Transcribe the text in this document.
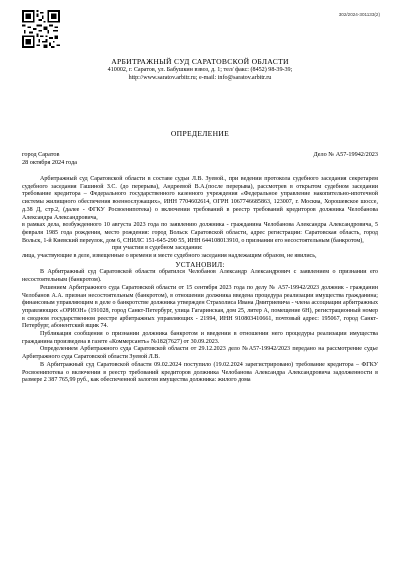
302/2024-301133(2)
АРБИТРАЖНЫЙ СУД САРАТОВСКОЙ ОБЛАСТИ
410002, г. Саратов, ул. Бабушкин взвоз, д. 1; тел/ факс: (8452) 98-39-39;
http://www.saratov.arbitr.ru; e-mail: info@saratov.arbitr.ru
ОПРЕДЕЛЕНИЕ
город Саратов
28 октября 2024 года
Дело № А57-19942/2023

Арбитражный суд Саратовской области в составе судьи Л.В. Зуевой., при ведении протокола судебного заседания секретарем судебного заседания Гашиной З.С. (до перерыва), Андреевой В.А.(после перерыва), рассмотрев в открытом судебном заседании требование кредитора – Федерального государственного казенного учреждения «Федеральное управление накопительно-ипотечной системы жилищного обеспечения военнослужащих», ИНН 7704602614, ОГРН 1067746685863, 123007, г. Москва, Хорошевское шоссе, д.38 Д, стр.2, (далее - ФГКУ Росвоенипотека) о включении требований в реестр требований кредиторов должника Челобанова Александра Александровича,

в рамках дела, возбужденного 10 августа 2023 года по заявлению должника - гражданина Челобанова Александра Александровича, 5 февраля 1985 года рождения, место рождения: город Вольск Саратовской области, адрес регистрации: Саратовская область, город Вольск, 1-й Киевский переулок, дом 6, СНИЛС 151-645-290 55, ИНН 644108013910, о признании его несостоятельным (банкротом),

при участии в судебном заседании:

лица, участвующие в деле, извещенные о времени и месте судебного заседания надлежащим образом, не явились,

УСТАНОВИЛ:

В Арбитражный суд Саратовской области обратился Челобанов Александр Александрович с заявлением о признании его несостоятельным (банкротом).

Решением Арбитражного суда Саратовской области от 15 сентября 2023 года по делу № А57-19942/2023 должник - гражданин Челобанов А.А. признан несостоятельным (банкротом), в отношении должника введена процедура реализации имущества гражданина; финансовым управляющим в деле о банкротстве должника утвержден Страхолиса Ивана Дмитриевича - члена ассоциации арбитражных управляющих «ОРИОН» (191028, город Санкт-Петербург, улица Гагаринская, дом 25, литер А, помещение 6Н), регистрационный номер в сводном государственном реестре арбитражных управляющих - 21994, ИНН 910803410661, почтовый адрес: 195067, город Санкт-Петербург, абонентский ящик 74.

Публикация сообщения о признании должника банкротом и введении в отношении него процедуры реализации имущества гражданина произведена в газете «Коммерсантъ» №182(7627) от 30.09.2023.

Определением Арбитражного суда Саратовской области от 29.12.2023 дело №А57-19942/2023 передано на рассмотрение судье Арбитражного суда Саратовской области Зуевой Л.В.

В Арбитражный суд Саратовской области 09.02.2024 поступило (19.02.2024 зарегистрировано) требование кредитора – ФГКУ Росвоенипотека о включении в реестр требований кредиторов должника Челобанова Александра Александровича задолженности в размере 2 387 765,99 руб., как обеспеченной залогом имущества должника: жилого дома
